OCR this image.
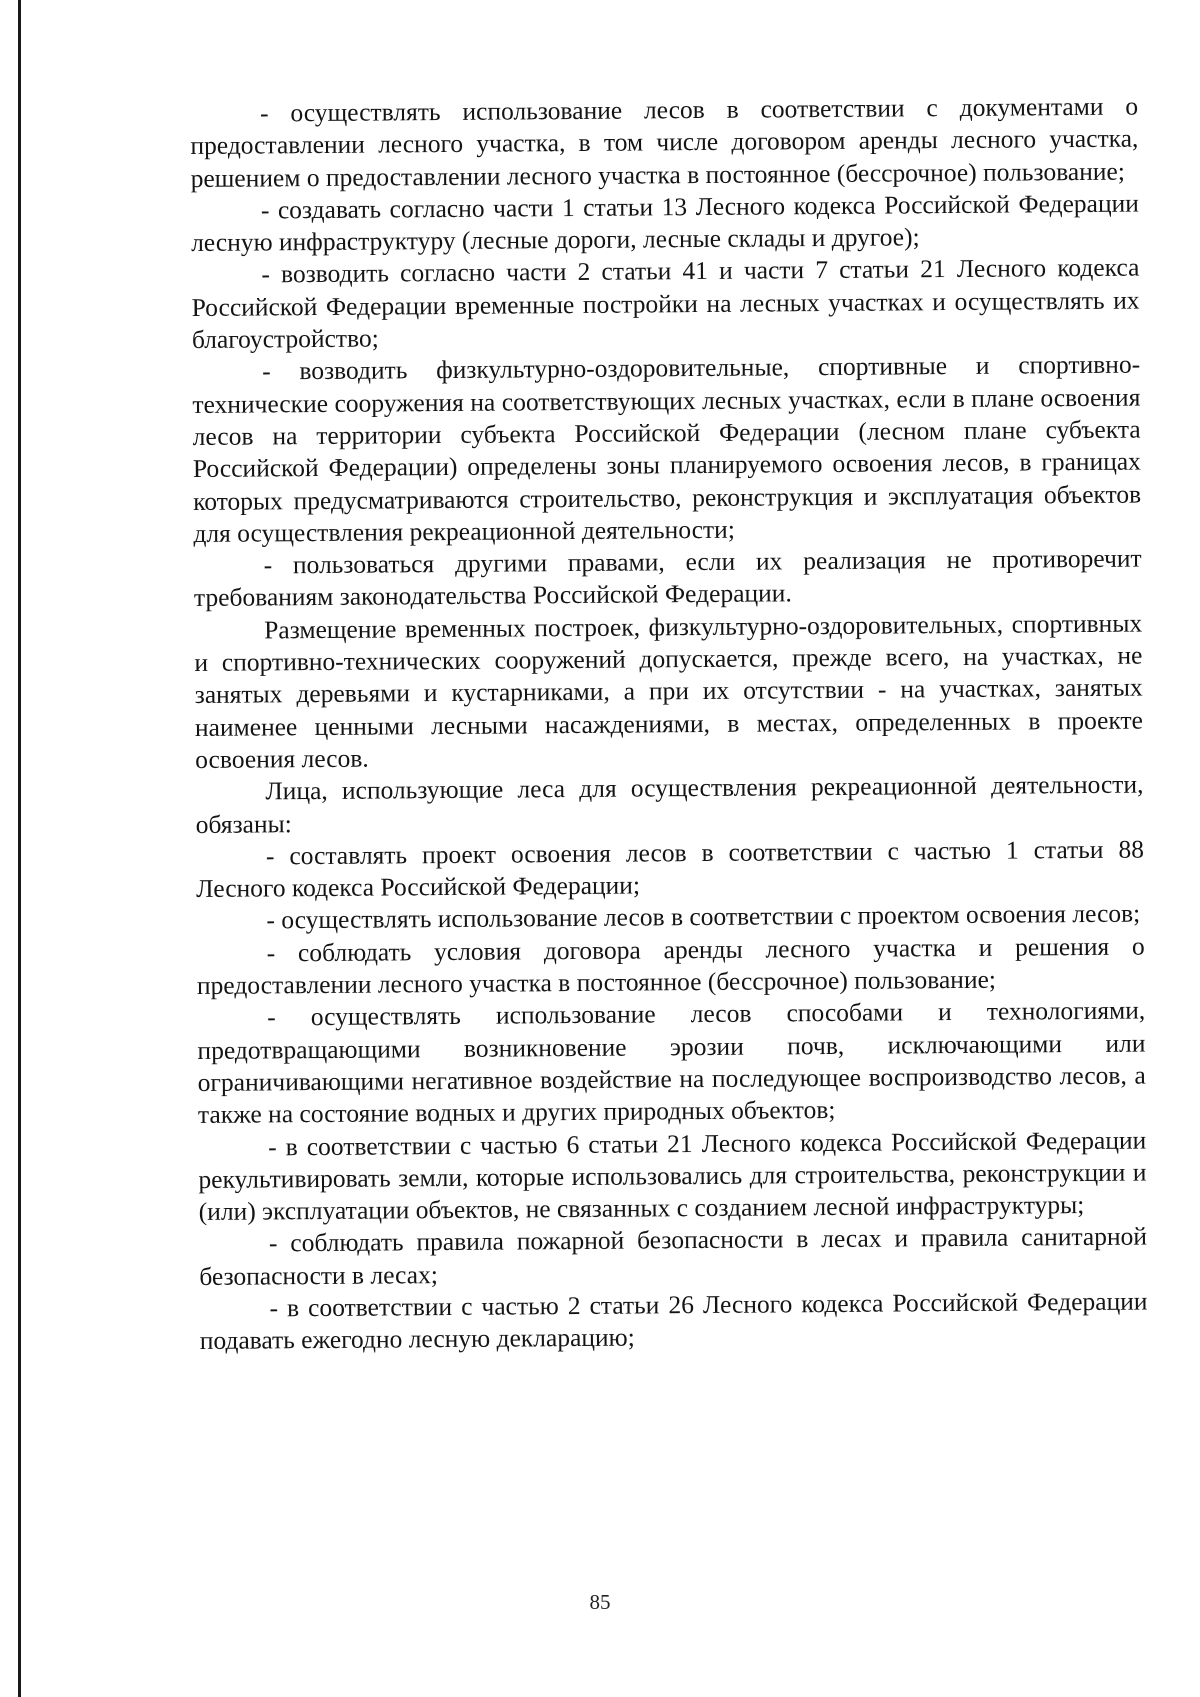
- осуществлять использование лесов в соответствии с документами о предоставлении лесного участка, в том числе договором аренды лесного участка, решением о предоставлении лесного участка в постоянное (бессрочное) пользование;

- создавать согласно части 1 статьи 13 Лесного кодекса Российской Федерации лесную инфраструктуру (лесные дороги, лесные склады и другое);

- возводить согласно части 2 статьи 41 и части 7 статьи 21 Лесного кодекса Российской Федерации временные постройки на лесных участках и осуществлять их благоустройство;

- возводить физкультурно-оздоровительные, спортивные и спортивно-технические сооружения на соответствующих лесных участках, если в плане освоения лесов на территории субъекта Российской Федерации (лесном плане субъекта Российской Федерации) определены зоны планируемого освоения лесов, в границах которых предусматриваются строительство, реконструкция и эксплуатация объектов для осуществления рекреационной деятельности;

- пользоваться другими правами, если их реализация не противоречит требованиям законодательства Российской Федерации.

Размещение временных построек, физкультурно-оздоровительных, спортивных и спортивно-технических сооружений допускается, прежде всего, на участках, не занятых деревьями и кустарниками, а при их отсутствии - на участках, занятых наименее ценными лесными насаждениями, в местах, определенных в проекте освоения лесов.

Лица, использующие леса для осуществления рекреационной деятельности, обязаны:

- составлять проект освоения лесов в соответствии с частью 1 статьи 88 Лесного кодекса Российской Федерации;

- осуществлять использование лесов в соответствии с проектом освоения лесов;

- соблюдать условия договора аренды лесного участка и решения о предоставлении лесного участка в постоянное (бессрочное) пользование;

- осуществлять использование лесов способами и технологиями, предотвращающими возникновение эрозии почв, исключающими или ограничивающими негативное воздействие на последующее воспроизводство лесов, а также на состояние водных и других природных объектов;

- в соответствии с частью 6 статьи 21 Лесного кодекса Российской Федерации рекультивировать земли, которые использовались для строительства, реконструкции и (или) эксплуатации объектов, не связанных с созданием лесной инфраструктуры;

- соблюдать правила пожарной безопасности в лесах и правила санитарной безопасности в лесах;

- в соответствии с частью 2 статьи 26 Лесного кодекса Российской Федерации подавать ежегодно лесную декларацию;

85
